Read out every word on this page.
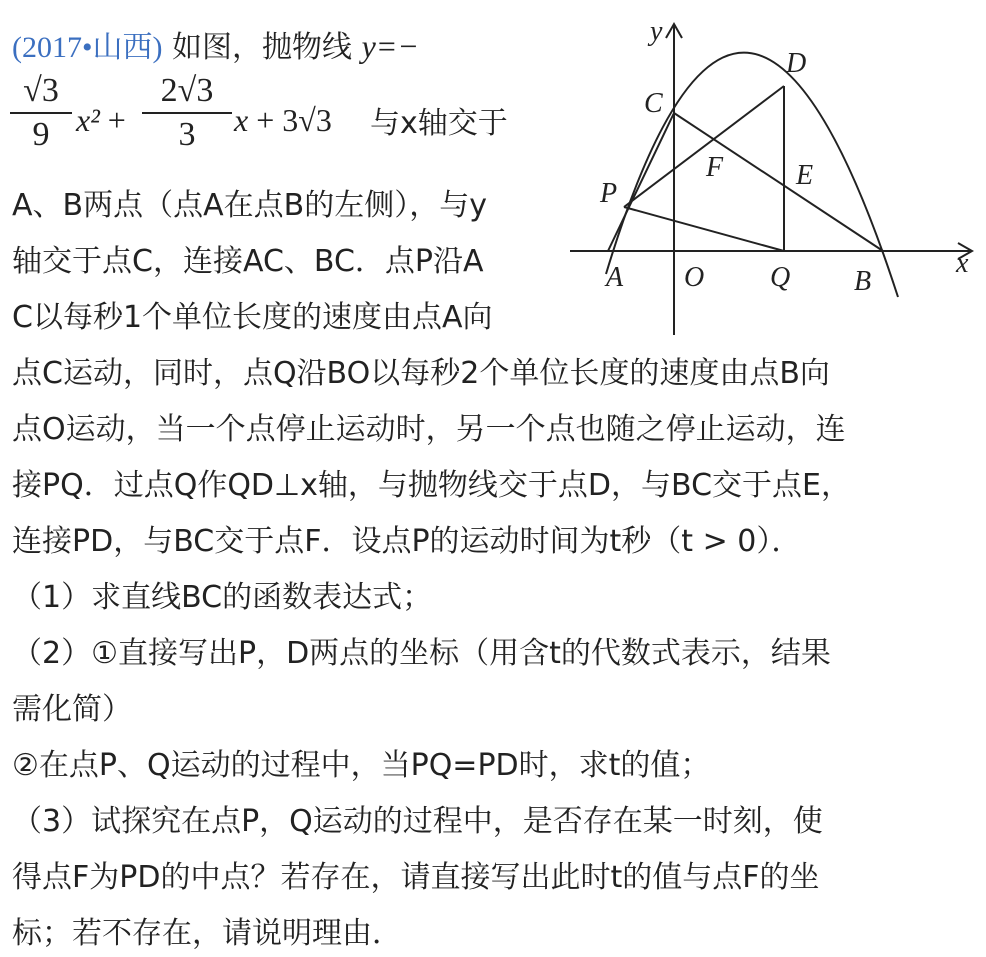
(2017•山西) 如图，抛物线 y=−
√3
9 x² +
2√3
3	x + 3√3 与x轴交于
A、B两点（点A在点B的左侧），与y
轴交于点C，连接AC、BC．点P沿A
C以每秒1个单位长度的速度由点A向
点C运动，同时，点Q沿BO以每秒2个单位长度的速度由点B向
点O运动，当一个点停止运动时，另一个点也随之停止运动，连
接PQ．过点Q作QD⊥x轴，与抛物线交于点D，与BC交于点E，
连接PD，与BC交于点F．设点P的运动时间为t秒（t > 0）．
（1）求直线BC的函数表达式；
（2）①直接写出P，D两点的坐标（用含t的代数式表示，结果
需化简）
②在点P、Q运动的过程中，当PQ=PD时，求t的值；
（3）试探究在点P，Q运动的过程中，是否存在某一时刻，使
得点F为PD的中点？若存在，请直接写出此时t的值与点F的坐
标；若不存在，请说明理由．
y
x
C
D
F	E
P
A O Q B
